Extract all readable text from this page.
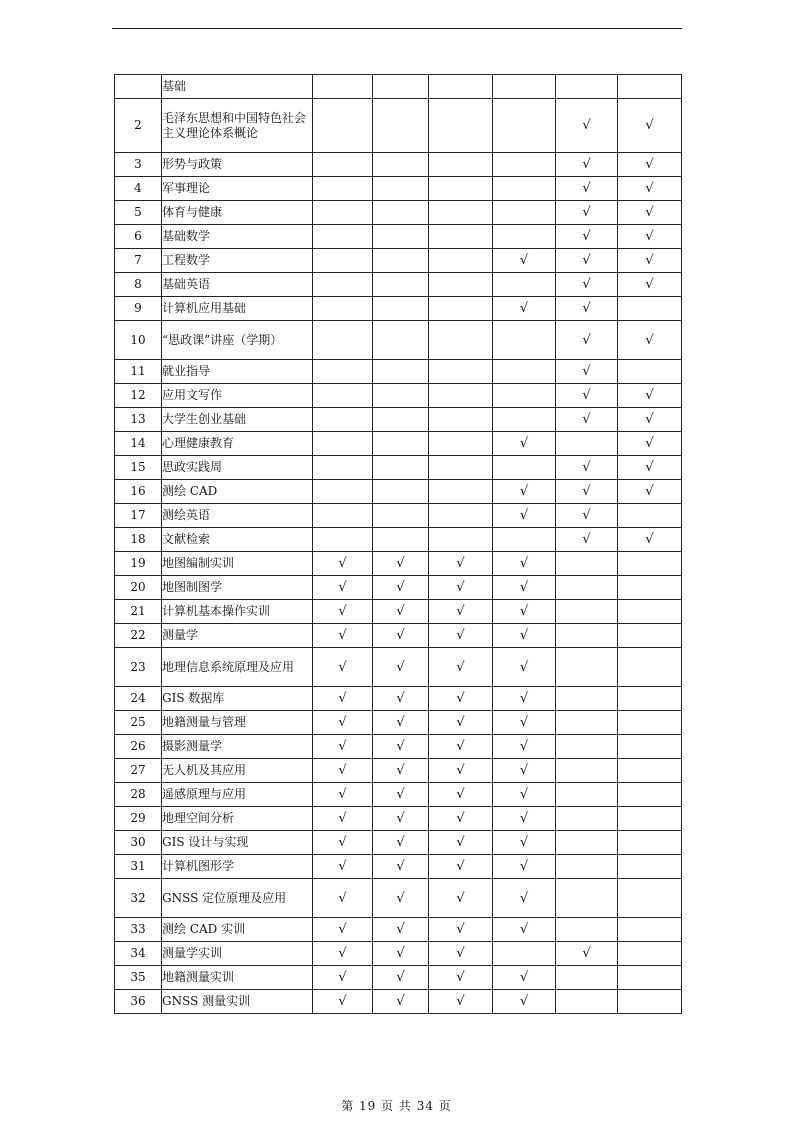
	基础						
2	毛泽东思想和中国特色社会主义理论体系概论					√	√
3	形势与政策					√	√
4	军事理论					√	√
5	体育与健康					√	√
6	基础数学					√	√
7	工程数学				√	√	√
8	基础英语					√	√
9	计算机应用基础				√	√	
10	“思政课”讲座（学期）					√	√
11	就业指导					√	
12	应用文写作					√	√
13	大学生创业基础					√	√
14	心理健康教育				√		√
15	思政实践周					√	√
16	测绘 CAD				√	√	√
17	测绘英语				√	√	
18	文献检索					√	√
19	地图编制实训	√	√	√	√		
20	地图制图学	√	√	√	√		
21	计算机基本操作实训	√	√	√	√		
22	测量学	√	√	√	√		
23	地理信息系统原理及应用	√	√	√	√		
24	GIS 数据库	√	√	√	√		
25	地籍测量与管理	√	√	√	√		
26	摄影测量学	√	√	√	√		
27	无人机及其应用	√	√	√	√		
28	遥感原理与应用	√	√	√	√		
29	地理空间分析	√	√	√	√		
30	GIS 设计与实现	√	√	√	√		
31	计算机图形学	√	√	√	√		
32	GNSS 定位原理及应用	√	√	√	√		
33	测绘 CAD 实训	√	√	√	√		
34	测量学实训	√	√	√		√	
35	地籍测量实训	√	√	√	√		
36	GNSS 测量实训	√	√	√	√		
第 19 页 共 34 页
